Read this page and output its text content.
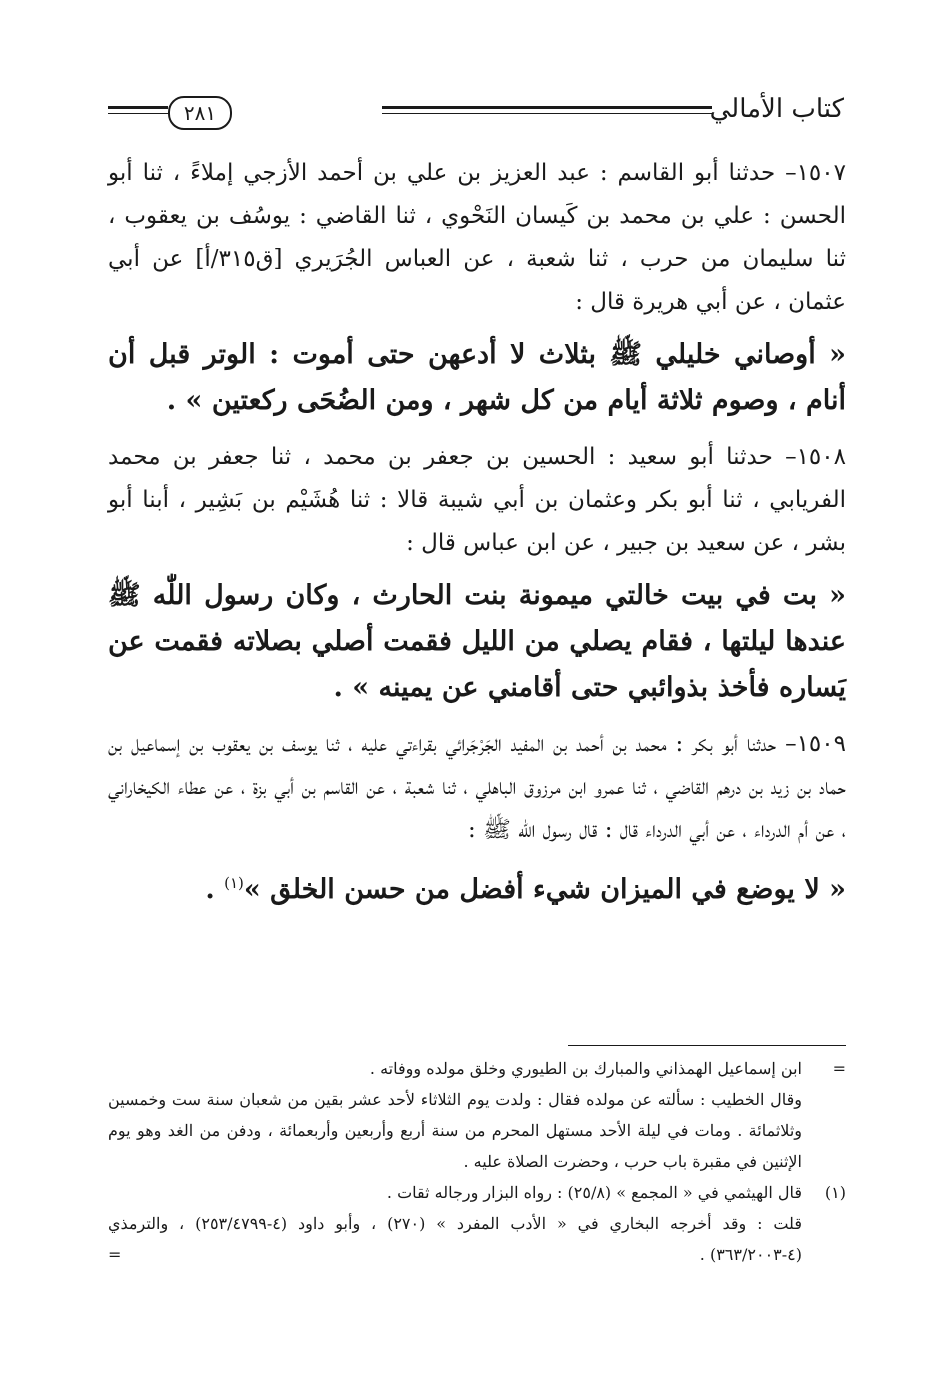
كتاب الأمالي
٢٨١

١٥٠٧– حدثنا أبو القاسم : عبد العزيز بن علي بن أحمد الأزجي إملاءً ، ثنا أبو الحسن : علي بن محمد بن كَيسان النَحْوي ، ثنا القاضي : يوسُف بن يعقوب ، ثنا سليمان من حرب ، ثنا شعبة ، عن العباس الجُرَيري [ق٣١٥/أ] عن أبي عثمان ، عن أبي هريرة قال :

« أوصاني خليلي ﷺ بثلاث لا أدعهن حتى أموت : الوتر قبل أن أنام ، وصوم ثلاثة أيام من كل شهر ، ومن الضُحَى ركعتين » .

١٥٠٨– حدثنا أبو سعيد : الحسين بن جعفر بن محمد ، ثنا جعفر بن محمد الفريابي ، ثنا أبو بكر وعثمان بن أبي شيبة قالا : ثنا هُشَيْم بن بَشِير ، أبنا أبو بشر ، عن سعيد بن جبير ، عن ابن عباس قال :

« بت في بيت خالتي ميمونة بنت الحارث ، وكان رسول اللّٰه ﷺ عندها ليلتها ، فقام يصلي من الليل فقمت أصلي بصلاته فقمت عن يَساره فأخذ بذوائبي حتى أقامني عن يمينه » .

١٥٠٩– حدثنا أبو بكر : محمد بن أحمد بن المفيد الجَرْجَرائي بقراءتي عليه ، ثنا يوسف بن يعقوب بن إسماعيل بن حماد بن زيد بن درهم القاضي ، ثنا عمرو ابن مرزوق الباهلي ، ثنا شعبة ، عن القاسم بن أبي بزة ، عن عطاء الكيخاراني ، عن أم الدرداء ، عن أبي الدرداء قال : قال رسول اللّٰه ﷺ :

« لا يوضع في الميزان شيء أفضل من حسن الخلق »$^{(١)}$ .

=
ابن إسماعيل الهمذاني والمبارك بن الطيوري وخلق مولده ووفاته .
وقال الخطيب : سألته عن مولده فقال : ولدت يوم الثلاثاء لأحد عشر بقين من شعبان سنة ست وخمسين وثلاثمائة . ومات في ليلة الأحد مستهل المحرم من سنة أربع وأربعين وأربعمائة ، ودفن من الغد وهو يوم الإثنين في مقبرة باب حرب ، وحضرت الصلاة عليه .
(١)
قال الهيثمي في « المجمع » (٢٥/٨) : رواه البزار ورجاله ثقات .
قلت : وقد أخرجه البخاري في « الأدب المفرد » (٢٧٠) ، وأبو داود (٤-٢٥٣/٤٧٩٩) ، والترمذي (٤-٣٦٣/٢٠٠٣) .
=
